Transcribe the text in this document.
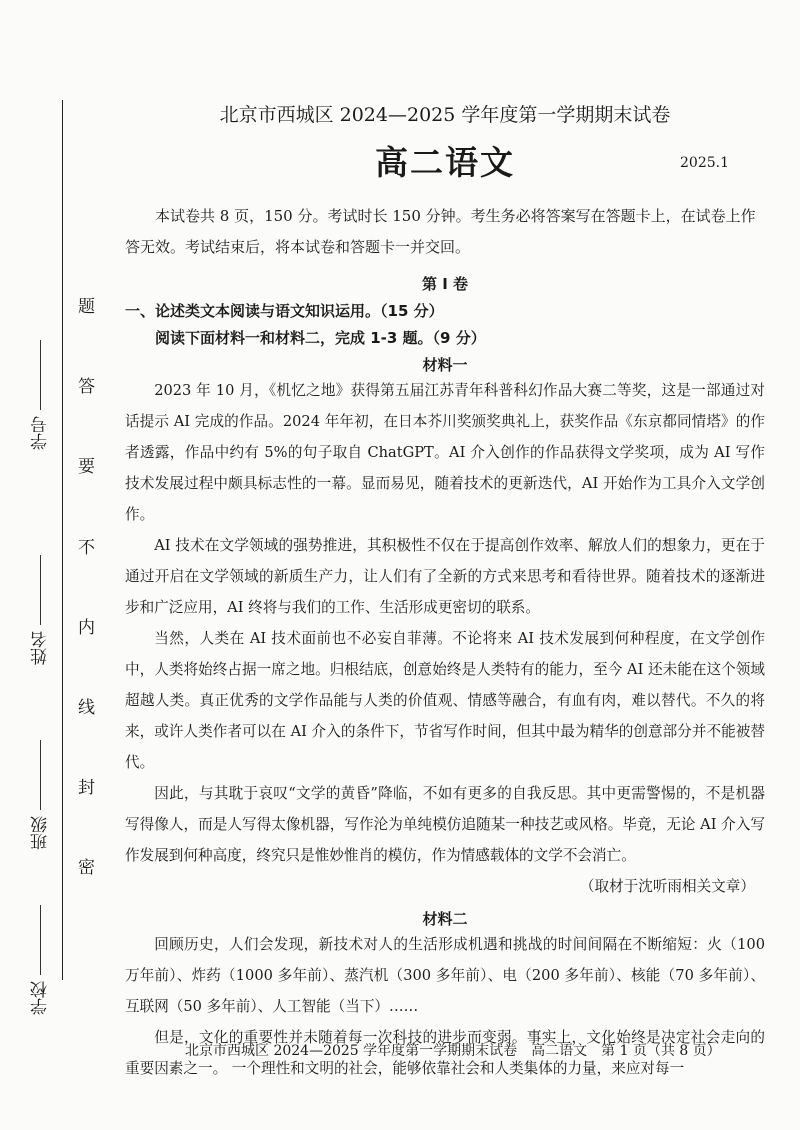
题
答
要
不
内
线
封
密
学号
姓名
班级
学校
北京市西城区 2024—2025 学年度第一学期期末试卷
高二语文	2025.1

本试卷共 8 页，150 分。考试时长 150 分钟。考生务必将答案写在答题卡上，在试卷上作答无效。考试结束后，将本试卷和答题卡一并交回。

第 Ⅰ 卷
一、论述类文本阅读与语文知识运用。（15 分）
阅读下面材料一和材料二，完成 1-3 题。（9 分）
材料一

2023 年 10 月，《机忆之地》获得第五届江苏青年科普科幻作品大赛二等奖，这是一部通过对话提示 AI 完成的作品。2024 年年初，在日本芥川奖颁奖典礼上，获奖作品《东京都同情塔》的作者透露，作品中约有 5%的句子取自 ChatGPT。AI 介入创作的作品获得文学奖项，成为 AI 写作技术发展过程中颇具标志性的一幕。显而易见，随着技术的更新迭代，AI 开始作为工具介入文学创作。

AI 技术在文学领域的强势推进，其积极性不仅在于提高创作效率、解放人们的想象力，更在于通过开启在文学领域的新质生产力，让人们有了全新的方式来思考和看待世界。随着技术的逐渐进步和广泛应用，AI 终将与我们的工作、生活形成更密切的联系。

当然，人类在 AI 技术面前也不必妄自菲薄。不论将来 AI 技术发展到何种程度，在文学创作中，人类将始终占据一席之地。归根结底，创意始终是人类特有的能力，至今 AI 还未能在这个领域超越人类。真正优秀的文学作品能与人类的价值观、情感等融合，有血有肉，难以替代。不久的将来，或许人类作者可以在 AI 介入的条件下，节省写作时间，但其中最为精华的创意部分并不能被替代。

因此，与其耽于哀叹“文学的黄昏”降临，不如有更多的自我反思。其中更需警惕的，不是机器写得像人，而是人写得太像机器，写作沦为单纯模仿追随某一种技艺或风格。毕竟，无论 AI 介入写作发展到何种高度，终究只是惟妙惟肖的模仿，作为情感载体的文学不会消亡。

（取材于沈听雨相关文章）
材料二

回顾历史，人们会发现，新技术对人的生活形成机遇和挑战的时间间隔在不断缩短：火（100 万年前）、炸药（1000 多年前）、蒸汽机（300 多年前）、电（200 多年前）、核能（70 多年前）、互联网（50 多年前）、人工智能（当下）……

但是，文化的重要性并未随着每一次科技的进步而变弱。事实上，文化始终是决定社会走向的重要因素之一。 一个理性和文明的社会，能够依靠社会和人类集体的力量，来应对每一

北京市西城区 2024—2025 学年度第一学期期末试卷　高二语文　第 1 页（共 8 页）
